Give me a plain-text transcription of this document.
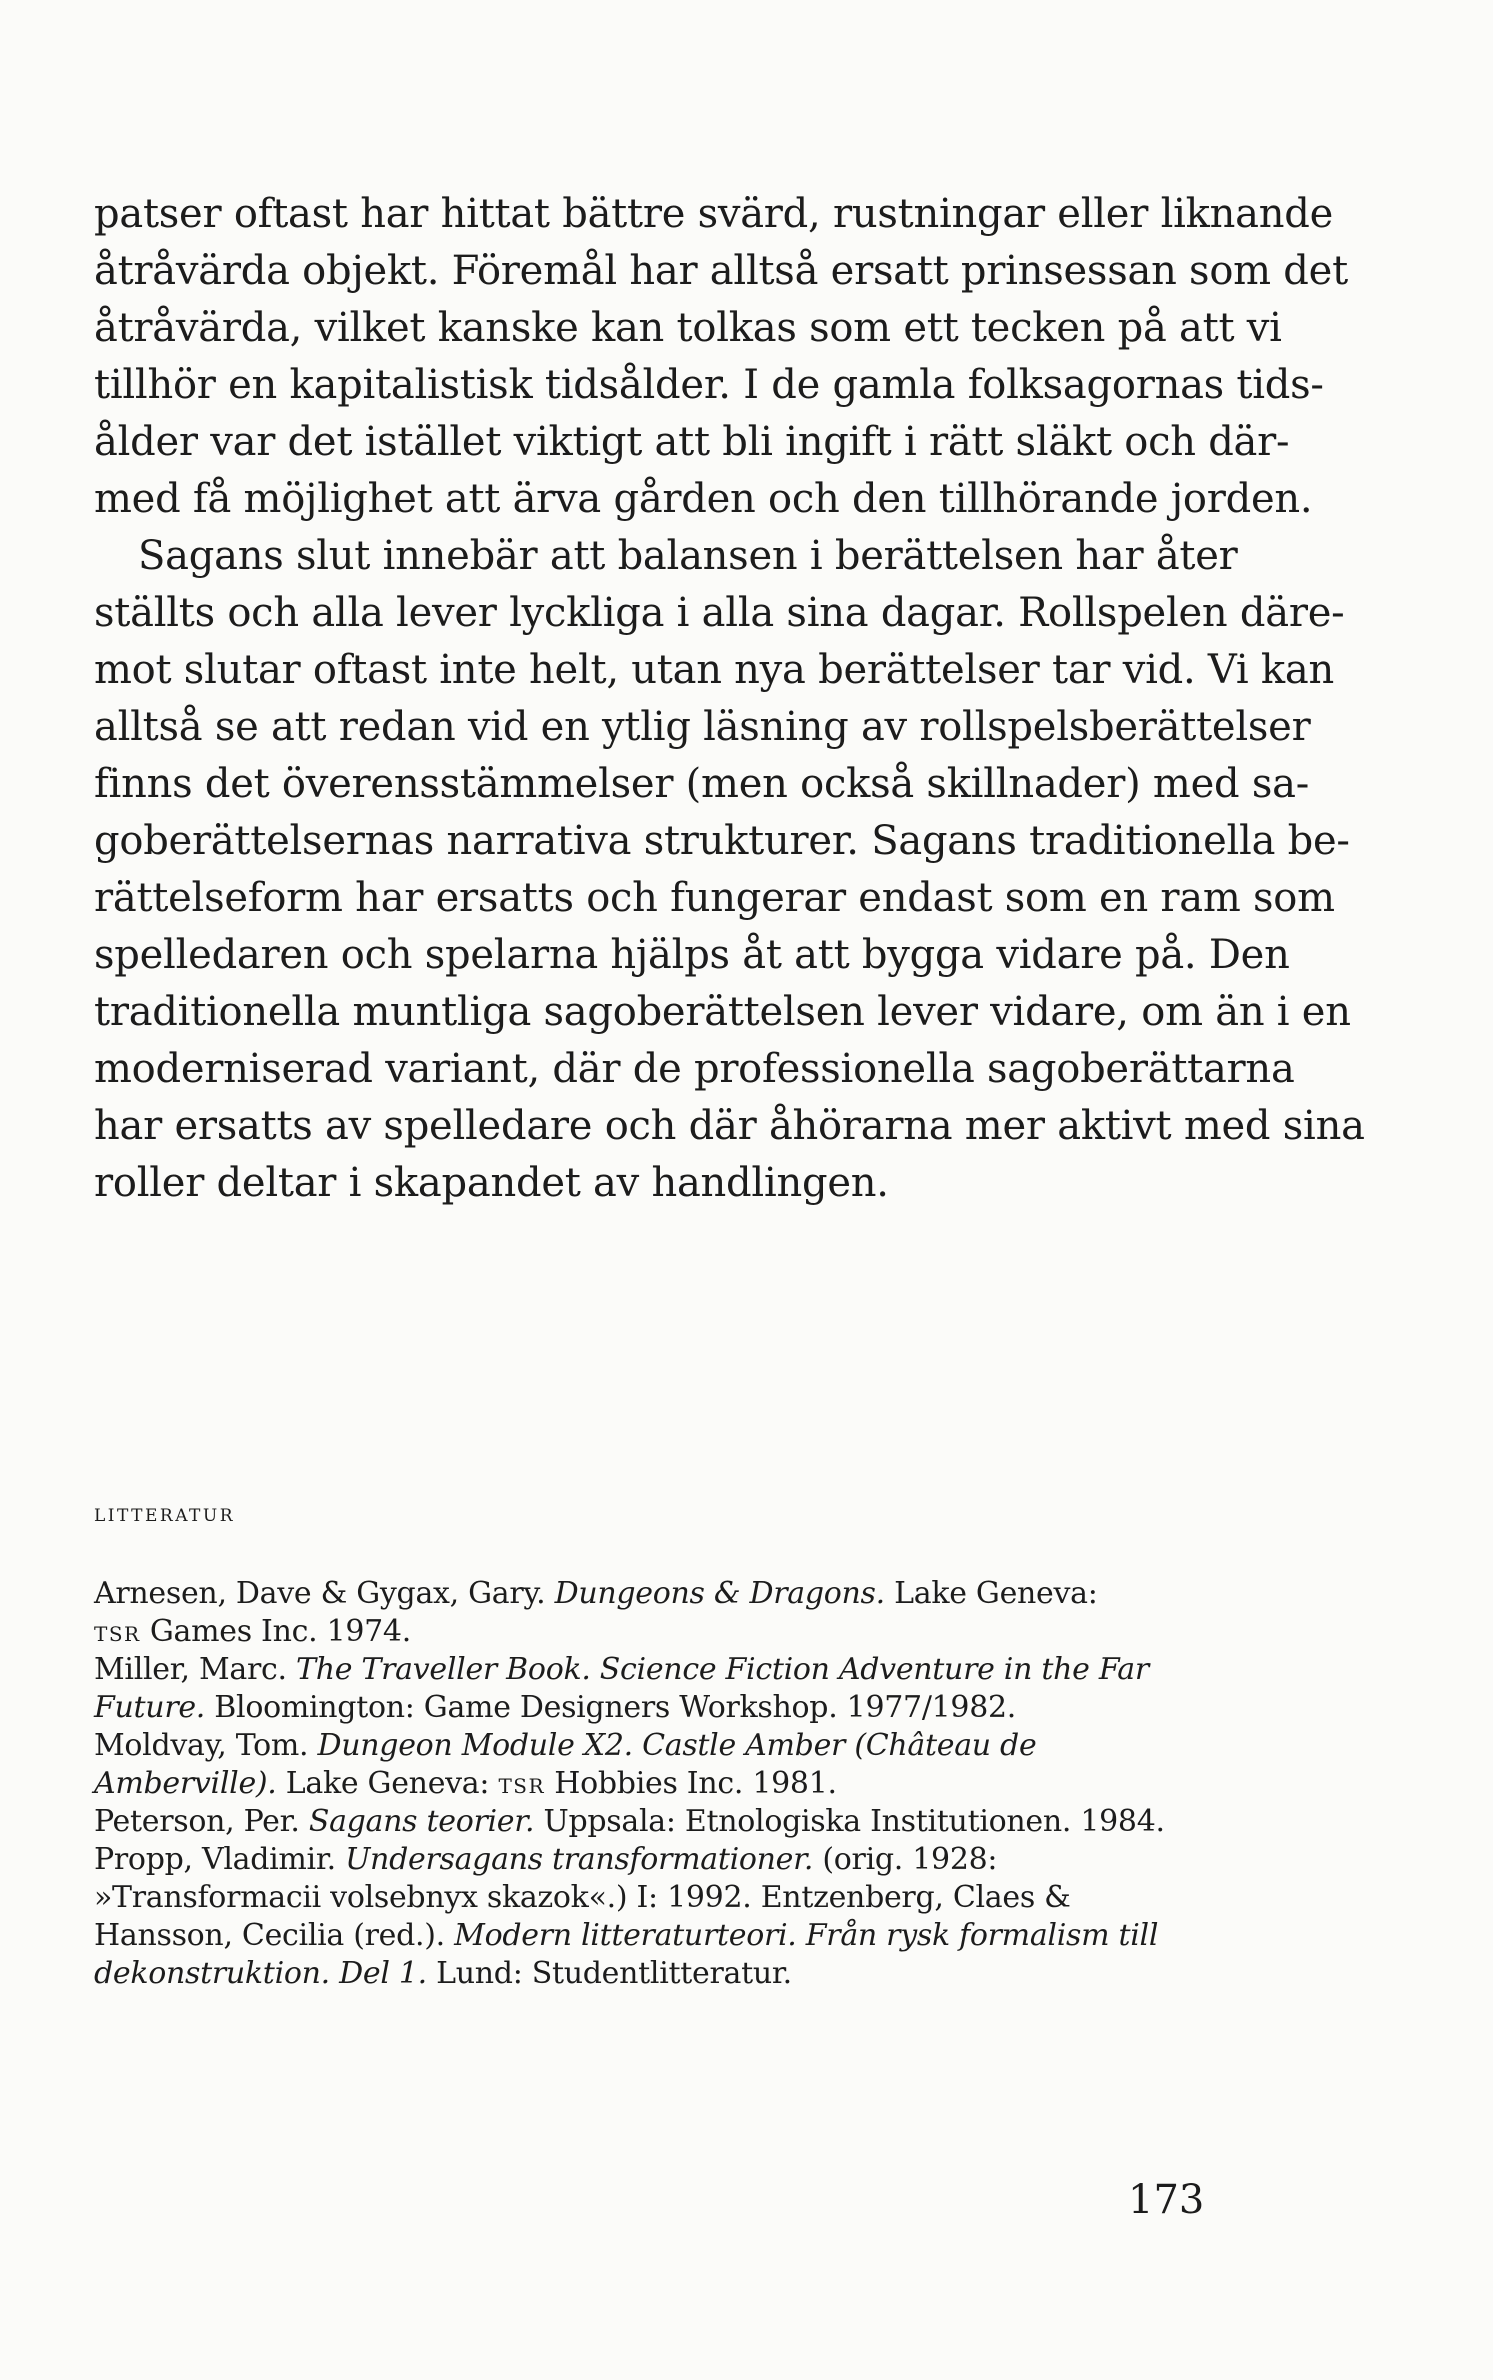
patser oftast har hittat bättre svärd, rustningar eller liknande
åtråvärda objekt. Föremål har alltså ersatt prinsessan som det
åtråvärda, vilket kanske kan tolkas som ett tecken på att vi
tillhör en kapitalistisk tidsålder. I de gamla folksagornas tids-
ålder var det istället viktigt att bli ingift i rätt släkt och där-
med få möjlighet att ärva gården och den tillhörande jorden.
Sagans slut innebär att balansen i berättelsen har åter
ställts och alla lever lyckliga i alla sina dagar. Rollspelen däre-
mot slutar oftast inte helt, utan nya berättelser tar vid. Vi kan
alltså se att redan vid en ytlig läsning av rollspelsberättelser
finns det överensstämmelser (men också skillnader) med sa-
goberättelsernas narrativa strukturer. Sagans traditionella be-
rättelseform har ersatts och fungerar endast som en ram som
spelledaren och spelarna hjälps åt att bygga vidare på. Den
traditionella muntliga sagoberättelsen lever vidare, om än i en
moderniserad variant, där de professionella sagoberättarna
har ersatts av spelledare och där åhörarna mer aktivt med sina
roller deltar i skapandet av handlingen.
LITTERATUR
Arnesen, Dave & Gygax, Gary. Dungeons & Dragons. Lake Geneva:
TSR Games Inc. 1974.
Miller, Marc. The Traveller Book. Science Fiction Adventure in the Far
Future. Bloomington: Game Designers Workshop. 1977/1982.
Moldvay, Tom. Dungeon Module X2. Castle Amber (Château de
Amberville). Lake Geneva: TSR Hobbies Inc. 1981.
Peterson, Per. Sagans teorier. Uppsala: Etnologiska Institutionen. 1984.
Propp, Vladimir. Undersagans transformationer. (orig. 1928:
»Transformacii volsebnyx skazok«.) I: 1992. Entzenberg, Claes &
Hansson, Cecilia (red.). Modern litteraturteori. Från rysk formalism till
dekonstruktion. Del 1. Lund: Studentlitteratur.
173
